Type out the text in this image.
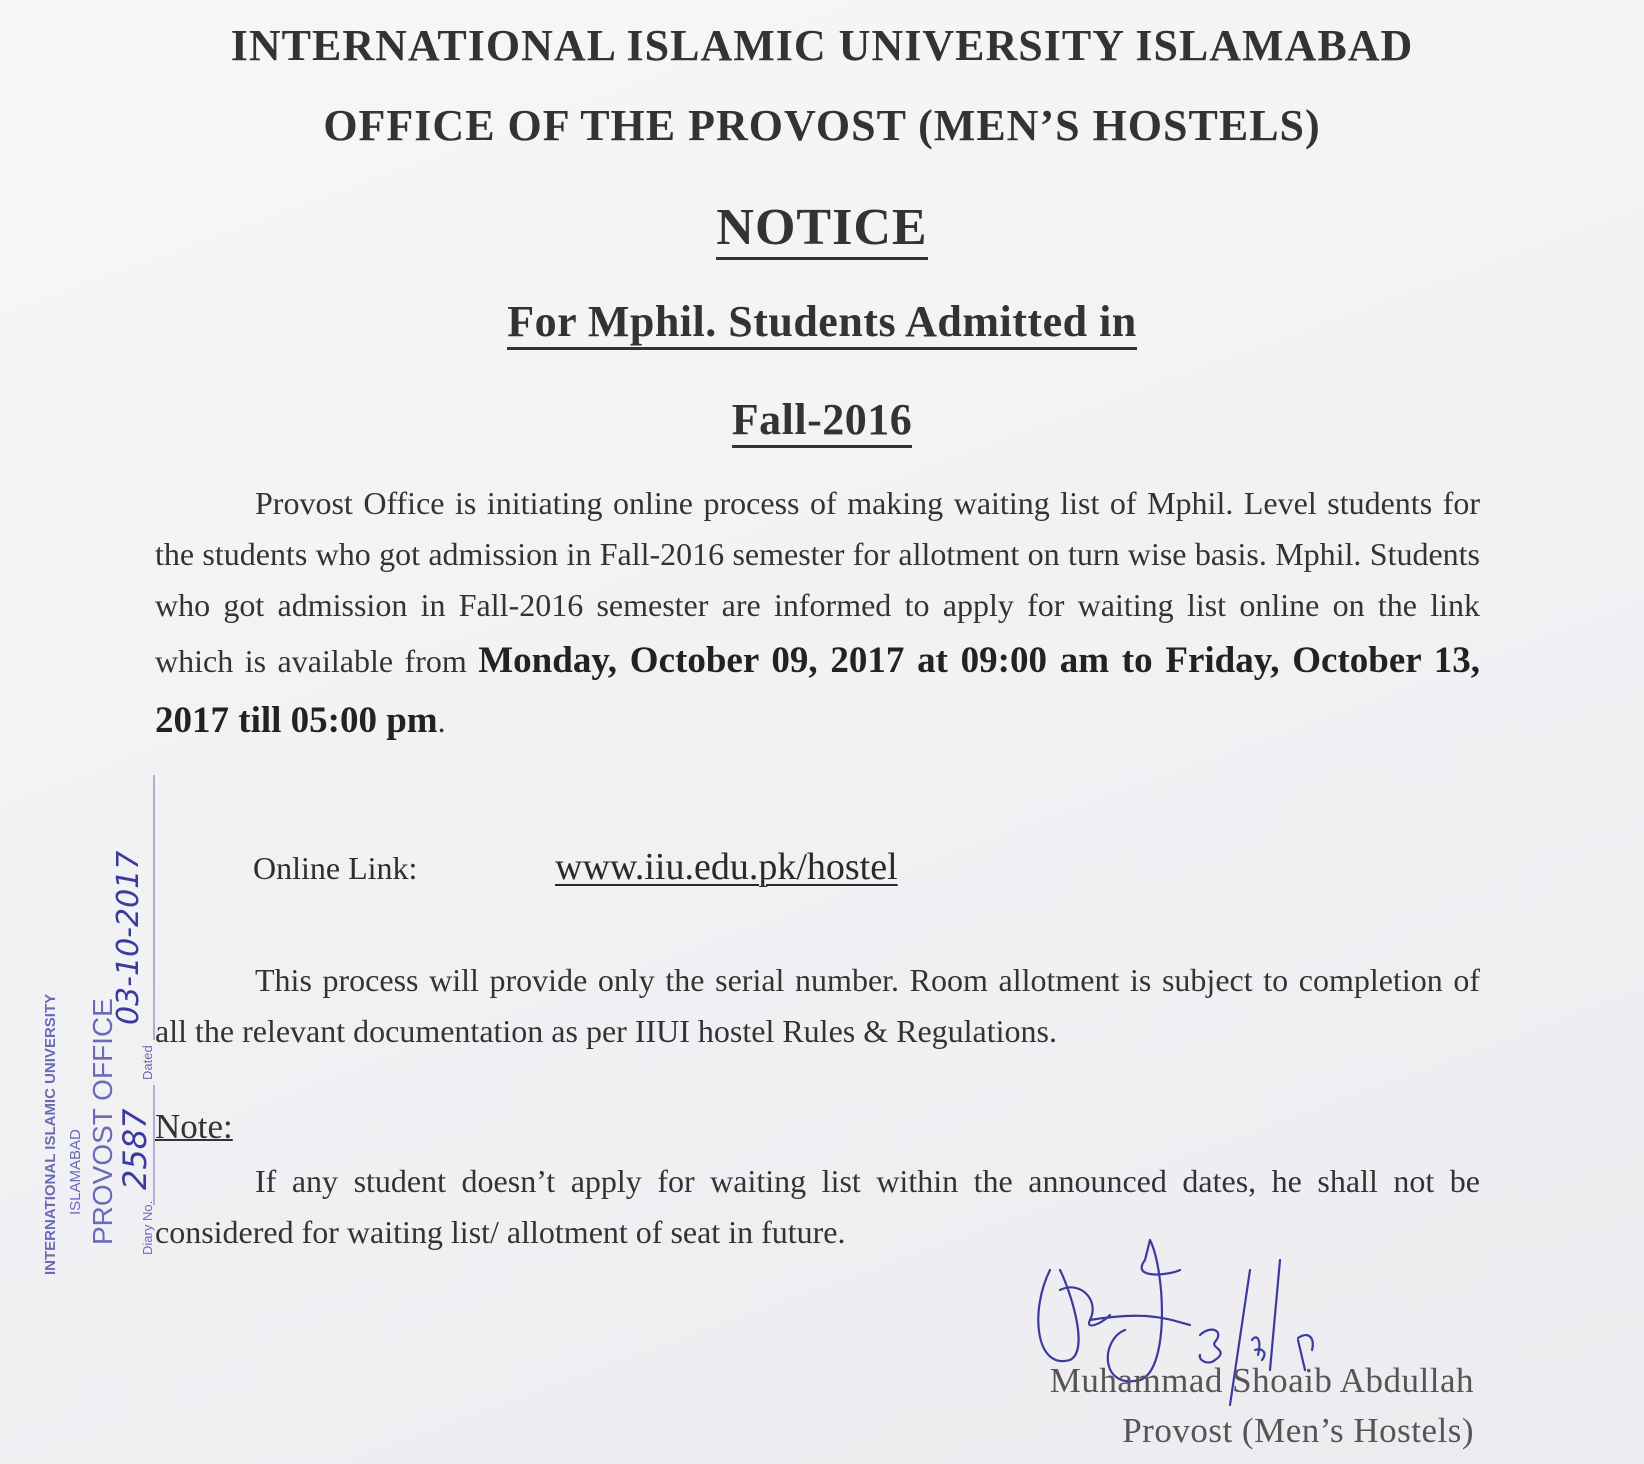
INTERNATIONAL ISLAMIC UNIVERSITY ISLAMABAD
OFFICE OF THE PROVOST (MEN’S HOSTELS)
NOTICE
For Mphil. Students Admitted in
Fall-2016
Provost Office is initiating online process of making waiting list of Mphil. Level students for the students who got admission in Fall-2016 semester for allotment on turn wise basis. Mphil. Students who got admission in Fall-2016 semester are informed to apply for waiting list online on the link which is available from Monday, October 09, 2017 at 09:00 am to Friday, October 13, 2017 till 05:00 pm.
Online Link:	www.iiu.edu.pk/hostel
This process will provide only the serial number. Room allotment is subject to completion of all the relevant documentation as per IIUI hostel Rules & Regulations.
Note:
If any student doesn’t apply for waiting list within the announced dates, he shall not be considered for waiting list/ allotment of seat in future.
Muhammad Shoaib Abdullah
Provost (Men’s Hostels)
INTERNATIONAL ISLAMIC UNIVERSITY ISLAMABAD PROVOST OFFICE Diary No.
Dated
2587
03-10-2017
